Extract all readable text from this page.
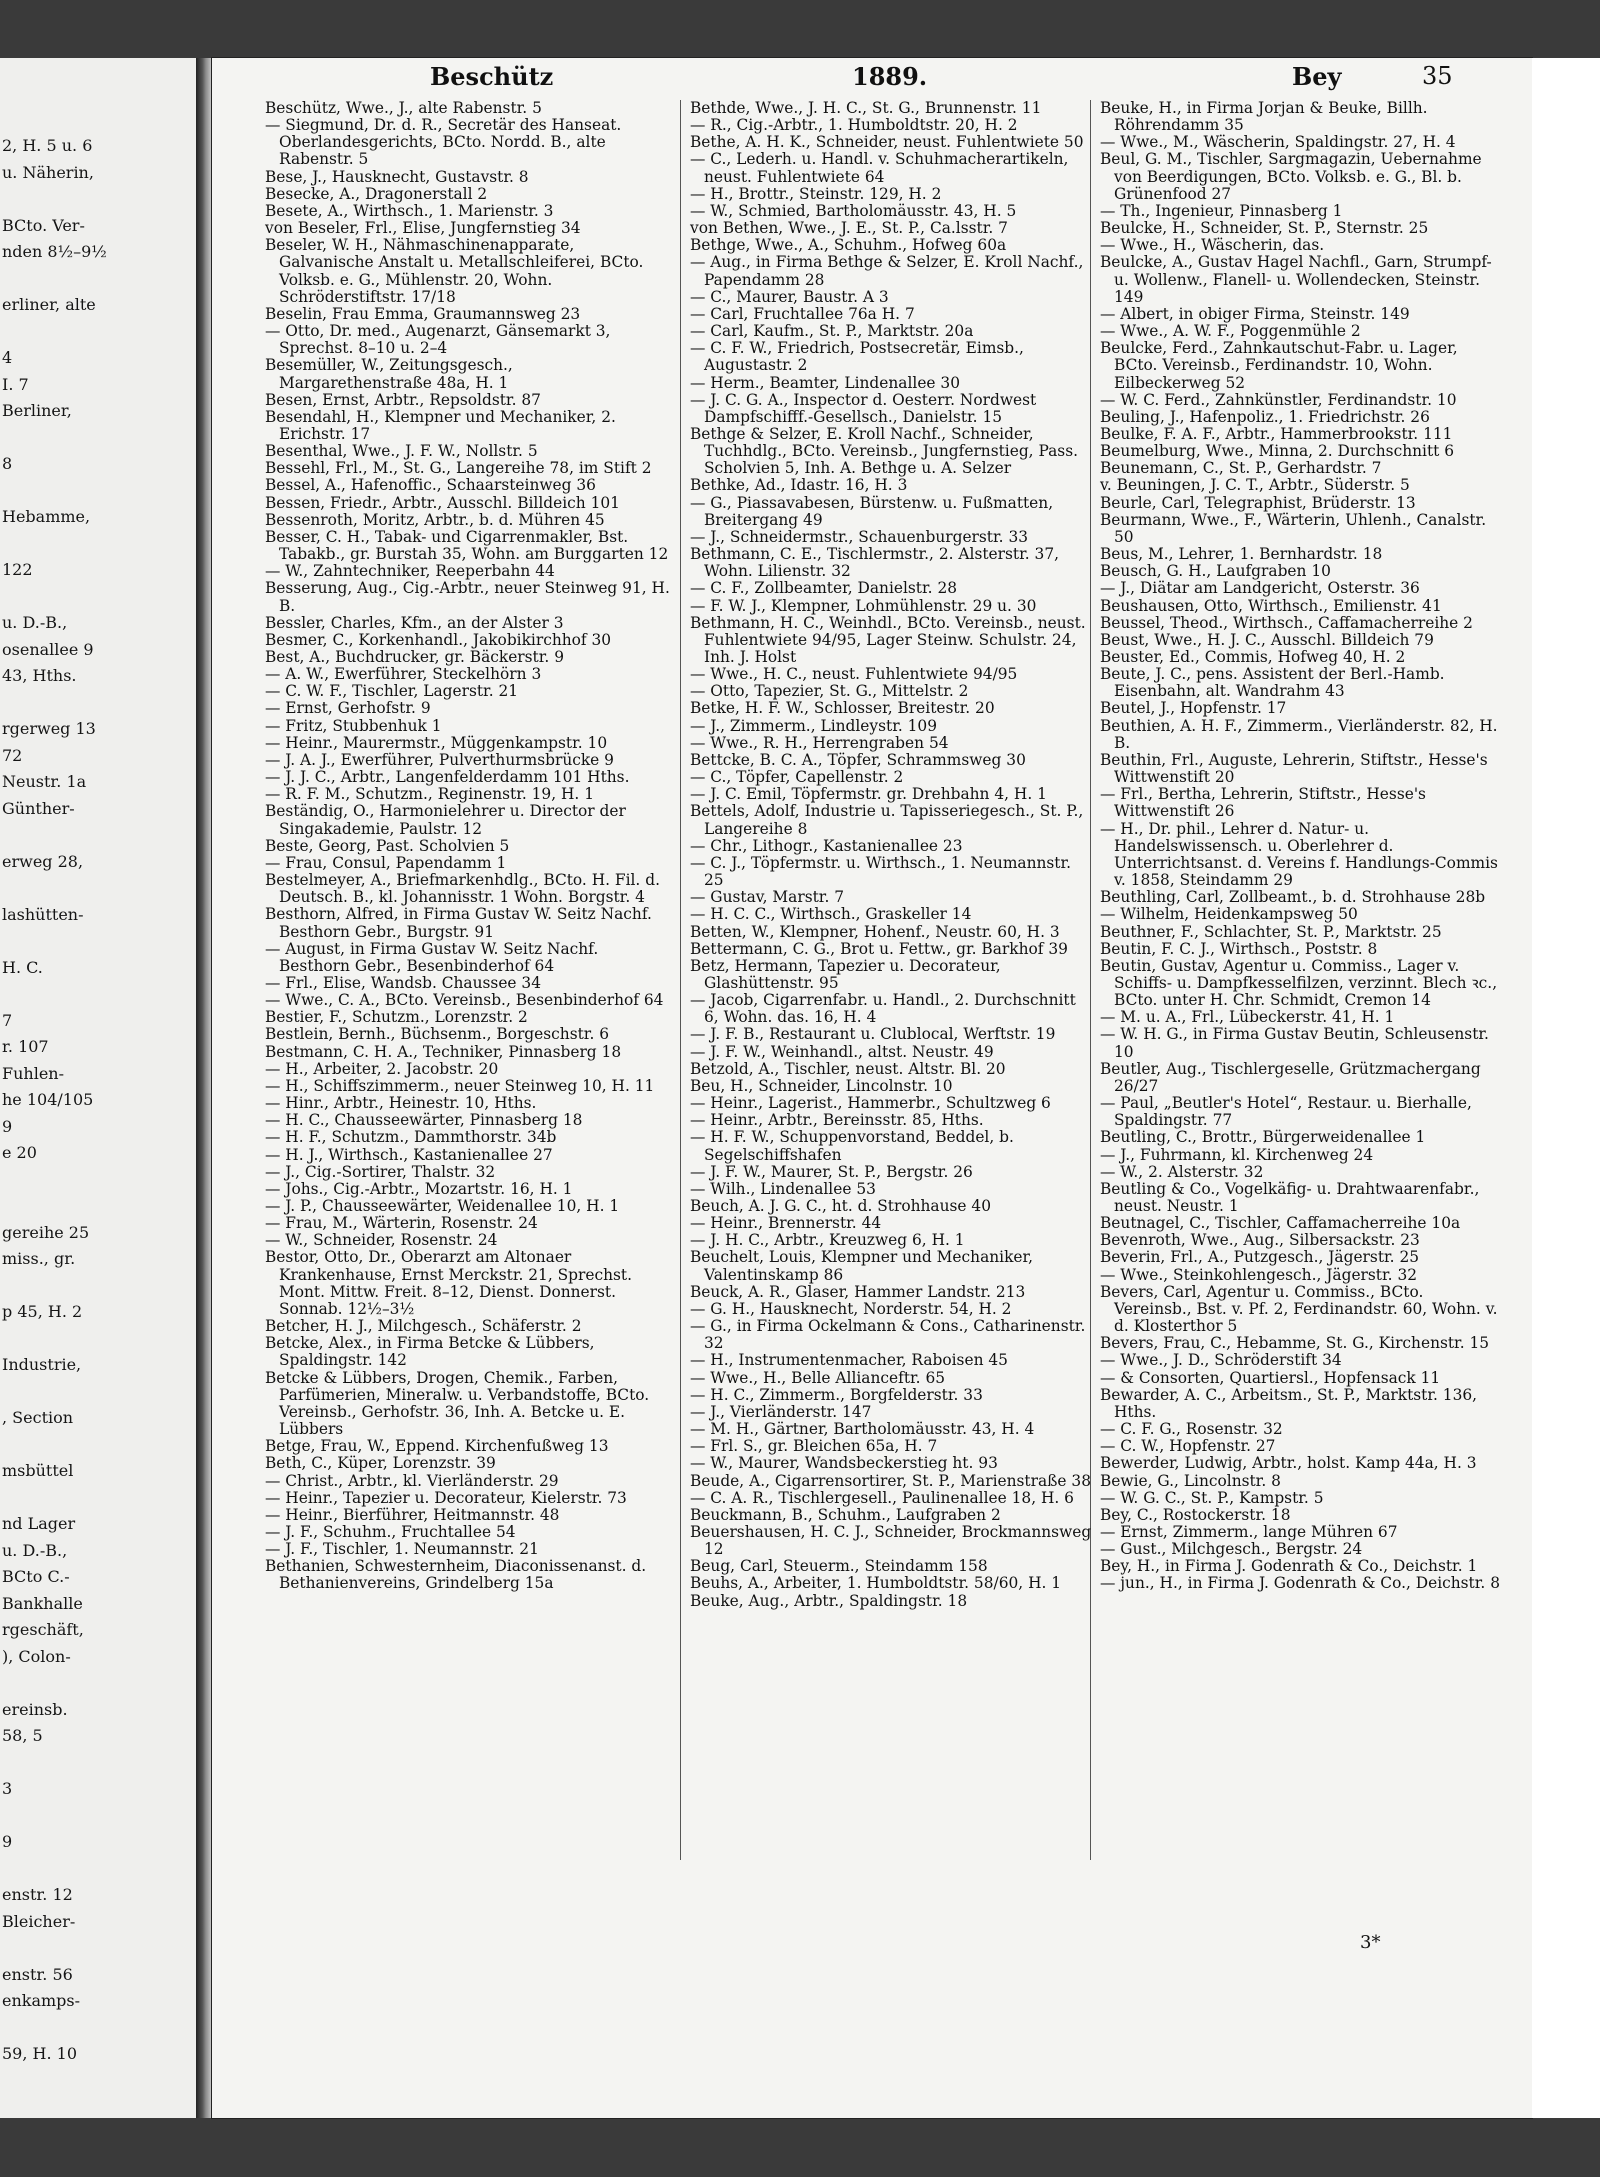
2, H. 5 u. 6
u. Näherin,
BCto. Ver-
nden 8½–9½
erliner, alte
4
I. 7
Berliner,
8
Hebamme,
122
u. D.-B.,
osenallee 9
43, Hths.
rgerweg 13
72
Neustr. 1a
Günther-
erweg 28,
lashütten-
H. C.
7
r. 107
Fuhlen-
he 104/105
9
e 20
gereihe 25
miss., gr.
p 45, H. 2
Industrie,
, Section
msbüttel
nd Lager
u. D.-B.,
BCto C.-
Bankhalle
rgeschäft,
), Colon-
ereinsb.
58, 5
3
9
enstr. 12
Bleicher-
enstr. 56
enkamps-
59, H. 10
Beschütz	1889.	Bey	35
Beschütz, Wwe., J., alte Rabenstr. 5
— Siegmund, Dr. d. R., Secretär des Hanseat. Oberlandesgerichts, BCto. Nordd. B., alte Rabenstr. 5
Bese, J., Hausknecht, Gustavstr. 8
Besecke, A., Dragonerstall 2
Besete, A., Wirthsch., 1. Marienstr. 3
von Beseler, Frl., Elise, Jungfernstieg 34
Beseler, W. H., Nähmaschinenapparate, Galvanische Anstalt u. Metallschleiferei, BCto. Volksb. e. G., Mühlenstr. 20, Wohn. Schröderstiftstr. 17/18
Beselin, Frau Emma, Graumannsweg 23
— Otto, Dr. med., Augenarzt, Gänsemarkt 3, Sprechst. 8–10 u. 2–4
Besemüller, W., Zeitungsgesch., Margarethenstraße 48a, H. 1
Besen, Ernst, Arbtr., Repsoldstr. 87
Besendahl, H., Klempner und Mechaniker, 2. Erichstr. 17
Besenthal, Wwe., J. F. W., Nollstr. 5
Bessehl, Frl., M., St. G., Langereihe 78, im Stift 2
Bessel, A., Hafenoffic., Schaarsteinweg 36
Bessen, Friedr., Arbtr., Ausschl. Billdeich 101
Bessenroth, Moritz, Arbtr., b. d. Mühren 45
Besser, C. H., Tabak- und Cigarrenmakler, Bst. Tabakb., gr. Burstah 35, Wohn. am Burggarten 12
— W., Zahntechniker, Reeperbahn 44
Besserung, Aug., Cig.-Arbtr., neuer Steinweg 91, H. B.
Bessler, Charles, Kfm., an der Alster 3
Besmer, C., Korkenhandl., Jakobikirchhof 30
Best, A., Buchdrucker, gr. Bäckerstr. 9
— A. W., Ewerführer, Steckelhörn 3
— C. W. F., Tischler, Lagerstr. 21
— Ernst, Gerhofstr. 9
— Fritz, Stubbenhuk 1
— Heinr., Maurermstr., Müggenkampstr. 10
— J. A. J., Ewerführer, Pulverthurmsbrücke 9
— J. J. C., Arbtr., Langenfelderdamm 101 Hths.
— R. F. M., Schutzm., Reginenstr. 19, H. 1
Beständig, O., Harmonielehrer u. Director der Singakademie, Paulstr. 12
Beste, Georg, Past. Scholvien 5
— Frau, Consul, Papendamm 1
Bestelmeyer, A., Briefmarkenhdlg., BCto. H. Fil. d. Deutsch. B., kl. Johannisstr. 1 Wohn. Borgstr. 4
Besthorn, Alfred, in Firma Gustav W. Seitz Nachf. Besthorn Gebr., Burgstr. 91
— August, in Firma Gustav W. Seitz Nachf. Besthorn Gebr., Besenbinderhof 64
— Frl., Elise, Wandsb. Chaussee 34
— Wwe., C. A., BCto. Vereinsb., Besenbinderhof 64
Bestier, F., Schutzm., Lorenzstr. 2
Bestlein, Bernh., Büchsenm., Borgeschstr. 6
Bestmann, C. H. A., Techniker, Pinnasberg 18
— H., Arbeiter, 2. Jacobstr. 20
— H., Schiffszimmerm., neuer Steinweg 10, H. 11
— Hinr., Arbtr., Heinestr. 10, Hths.
— H. C., Chausseewärter, Pinnasberg 18
— H. F., Schutzm., Dammthorstr. 34b
— H. J., Wirthsch., Kastanienallee 27
— J., Cig.-Sortirer, Thalstr. 32
— Johs., Cig.-Arbtr., Mozartstr. 16, H. 1
— J. P., Chausseewärter, Weidenallee 10, H. 1
— Frau, M., Wärterin, Rosenstr. 24
— W., Schneider, Rosenstr. 24
Bestor, Otto, Dr., Oberarzt am Altonaer Krankenhause, Ernst Merckstr. 21, Sprechst. Mont. Mittw. Freit. 8–12, Dienst. Donnerst. Sonnab. 12½–3½
Betcher, H. J., Milchgesch., Schäferstr. 2
Betcke, Alex., in Firma Betcke & Lübbers, Spaldingstr. 142
Betcke & Lübbers, Drogen, Chemik., Farben, Parfümerien, Mineralw. u. Verbandstoffe, BCto. Vereinsb., Gerhofstr. 36, Inh. A. Betcke u. E. Lübbers
Betge, Frau, W., Eppend. Kirchenfußweg 13
Beth, C., Küper, Lorenzstr. 39
— Christ., Arbtr., kl. Vierländerstr. 29
— Heinr., Tapezier u. Decorateur, Kielerstr. 73
— Heinr., Bierführer, Heitmannstr. 48
— J. F., Schuhm., Fruchtallee 54
— J. F., Tischler, 1. Neumannstr. 21
Bethanien, Schwesternheim, Diaconissenanst. d. Bethanienvereins, Grindelberg 15a
Bethde, Wwe., J. H. C., St. G., Brunnenstr. 11
— R., Cig.-Arbtr., 1. Humboldtstr. 20, H. 2
Bethe, A. H. K., Schneider, neust. Fuhlentwiete 50
— C., Lederh. u. Handl. v. Schuhmacherartikeln, neust. Fuhlentwiete 64
— H., Brottr., Steinstr. 129, H. 2
— W., Schmied, Bartholomäusstr. 43, H. 5
von Bethen, Wwe., J. E., St. P., Ca.lsstr. 7
Bethge, Wwe., A., Schuhm., Hofweg 60a
— Aug., in Firma Bethge & Selzer, E. Kroll Nachf., Papendamm 28
— C., Maurer, Baustr. A 3
— Carl, Fruchtallee 76a H. 7
— Carl, Kaufm., St. P., Marktstr. 20a
— C. F. W., Friedrich, Postsecretär, Eimsb., Augustastr. 2
— Herm., Beamter, Lindenallee 30
— J. C. G. A., Inspector d. Oesterr. Nordwest Dampfschifff.-Gesellsch., Danielstr. 15
Bethge & Selzer, E. Kroll Nachf., Schneider, Tuchhdlg., BCto. Vereinsb., Jungfernstieg, Pass. Scholvien 5, Inh. A. Bethge u. A. Selzer
Bethke, Ad., Idastr. 16, H. 3
— G., Piassavabesen, Bürstenw. u. Fußmatten, Breitergang 49
— J., Schneidermstr., Schauenburgerstr. 33
Bethmann, C. E., Tischlermstr., 2. Alsterstr. 37, Wohn. Lilienstr. 32
— C. F., Zollbeamter, Danielstr. 28
— F. W. J., Klempner, Lohmühlenstr. 29 u. 30
Bethmann, H. C., Weinhdl., BCto. Vereinsb., neust. Fuhlentwiete 94/95, Lager Steinw. Schulstr. 24, Inh. J. Holst
— Wwe., H. C., neust. Fuhlentwiete 94/95
— Otto, Tapezier, St. G., Mittelstr. 2
Betke, H. F. W., Schlosser, Breitestr. 20
— J., Zimmerm., Lindleystr. 109
— Wwe., R. H., Herrengraben 54
Bettcke, B. C. A., Töpfer, Schrammsweg 30
— C., Töpfer, Capellenstr. 2
— J. C. Emil, Töpfermstr. gr. Drehbahn 4, H. 1
Bettels, Adolf, Industrie u. Tapisseriegesch., St. P., Langereihe 8
— Chr., Lithogr., Kastanienallee 23
— C. J., Töpfermstr. u. Wirthsch., 1. Neumannstr. 25
— Gustav, Marstr. 7
— H. C. C., Wirthsch., Graskeller 14
Betten, W., Klempner, Hohenf., Neustr. 60, H. 3
Bettermann, C. G., Brot u. Fettw., gr. Barkhof 39
Betz, Hermann, Tapezier u. Decorateur, Glashüttenstr. 95
— Jacob, Cigarrenfabr. u. Handl., 2. Durchschnitt 6, Wohn. das. 16, H. 4
— J. F. B., Restaurant u. Clublocal, Werftstr. 19
— J. F. W., Weinhandl., altst. Neustr. 49
Betzold, A., Tischler, neust. Altstr. Bl. 20
Beu, H., Schneider, Lincolnstr. 10
— Heinr., Lagerist., Hammerbr., Schultzweg 6
— Heinr., Arbtr., Bereinsstr. 85, Hths.
— H. F. W., Schuppenvorstand, Beddel, b. Segelschiffshafen
— J. F. W., Maurer, St. P., Bergstr. 26
— Wilh., Lindenallee 53
Beuch, A. J. G. C., ht. d. Strohhause 40
— Heinr., Brennerstr. 44
— J. H. C., Arbtr., Kreuzweg 6, H. 1
Beuchelt, Louis, Klempner und Mechaniker, Valentinskamp 86
Beuck, A. R., Glaser, Hammer Landstr. 213
— G. H., Hausknecht, Norderstr. 54, H. 2
— G., in Firma Ockelmann & Cons., Catharinenstr. 32
— H., Instrumentenmacher, Raboisen 45
— Wwe., H., Belle Allianceftr. 65
— H. C., Zimmerm., Borgfelderstr. 33
— J., Vierländerstr. 147
— M. H., Gärtner, Bartholomäusstr. 43, H. 4
— Frl. S., gr. Bleichen 65a, H. 7
— W., Maurer, Wandsbeckerstieg ht. 93
Beude, A., Cigarrensortirer, St. P., Marienstraße 38
— C. A. R., Tischlergesell., Paulinenallee 18, H. 6
Beuckmann, B., Schuhm., Laufgraben 2
Beuershausen, H. C. J., Schneider, Brockmannsweg 12
Beug, Carl, Steuerm., Steindamm 158
Beuhs, A., Arbeiter, 1. Humboldtstr. 58/60, H. 1
Beuke, Aug., Arbtr., Spaldingstr. 18
Beuke, H., in Firma Jorjan & Beuke, Billh. Röhrendamm 35
— Wwe., M., Wäscherin, Spaldingstr. 27, H. 4
Beul, G. M., Tischler, Sargmagazin, Uebernahme von Beerdigungen, BCto. Volksb. e. G., Bl. b. Grünenfood 27
— Th., Ingenieur, Pinnasberg 1
Beulcke, H., Schneider, St. P., Sternstr. 25
— Wwe., H., Wäscherin, das.
Beulcke, A., Gustav Hagel Nachfl., Garn, Strumpf- u. Wollenw., Flanell- u. Wollendecken, Steinstr. 149
— Albert, in obiger Firma, Steinstr. 149
— Wwe., A. W. F., Poggenmühle 2
Beulcke, Ferd., Zahnkautschut-Fabr. u. Lager, BCto. Vereinsb., Ferdinandstr. 10, Wohn. Eilbeckerweg 52
— W. C. Ferd., Zahnkünstler, Ferdinandstr. 10
Beuling, J., Hafenpoliz., 1. Friedrichstr. 26
Beulke, F. A. F., Arbtr., Hammerbrookstr. 111
Beumelburg, Wwe., Minna, 2. Durchschnitt 6
Beunemann, C., St. P., Gerhardstr. 7
v. Beuningen, J. C. T., Arbtr., Süderstr. 5
Beurle, Carl, Telegraphist, Brüderstr. 13
Beurmann, Wwe., F., Wärterin, Uhlenh., Canalstr. 50
Beus, M., Lehrer, 1. Bernhardstr. 18
Beusch, G. H., Laufgraben 10
— J., Diätar am Landgericht, Osterstr. 36
Beushausen, Otto, Wirthsch., Emilienstr. 41
Beussel, Theod., Wirthsch., Caffamacherreihe 2
Beust, Wwe., H. J. C., Ausschl. Billdeich 79
Beuster, Ed., Commis, Hofweg 40, H. 2
Beute, J. C., pens. Assistent der Berl.-Hamb. Eisenbahn, alt. Wandrahm 43
Beutel, J., Hopfenstr. 17
Beuthien, A. H. F., Zimmerm., Vierländerstr. 82, H. B.
Beuthin, Frl., Auguste, Lehrerin, Stiftstr., Hesse's Wittwenstift 20
— Frl., Bertha, Lehrerin, Stiftstr., Hesse's Wittwenstift 26
— H., Dr. phil., Lehrer d. Natur- u. Handelswissensch. u. Oberlehrer d. Unterrichtsanst. d. Vereins f. Handlungs-Commis v. 1858, Steindamm 29
Beuthling, Carl, Zollbeamt., b. d. Strohhause 28b
— Wilhelm, Heidenkampsweg 50
Beuthner, F., Schlachter, St. P., Marktstr. 25
Beutin, F. C. J., Wirthsch., Poststr. 8
Beutin, Gustav, Agentur u. Commiss., Lager v. Schiffs- u. Dampfkesselfilzen, verzinnt. Blech ꝛc., BCto. unter H. Chr. Schmidt, Cremon 14
— M. u. A., Frl., Lübeckerstr. 41, H. 1
— W. H. G., in Firma Gustav Beutin, Schleusenstr. 10
Beutler, Aug., Tischlergeselle, Grützmachergang 26/27
— Paul, „Beutler's Hotel“, Restaur. u. Bierhalle, Spaldingstr. 77
Beutling, C., Brottr., Bürgerweidenallee 1
— J., Fuhrmann, kl. Kirchenweg 24
— W., 2. Alsterstr. 32
Beutling & Co., Vogelkäfig- u. Drahtwaarenfabr., neust. Neustr. 1
Beutnagel, C., Tischler, Caffamacherreihe 10a
Bevenroth, Wwe., Aug., Silbersackstr. 23
Beverin, Frl., A., Putzgesch., Jägerstr. 25
— Wwe., Steinkohlengesch., Jägerstr. 32
Bevers, Carl, Agentur u. Commiss., BCto. Vereinsb., Bst. v. Pf. 2, Ferdinandstr. 60, Wohn. v. d. Klosterthor 5
Bevers, Frau, C., Hebamme, St. G., Kirchenstr. 15
— Wwe., J. D., Schröderstift 34
— & Consorten, Quartiersl., Hopfensack 11
Bewarder, A. C., Arbeitsm., St. P., Marktstr. 136, Hths.
— C. F. G., Rosenstr. 32
— C. W., Hopfenstr. 27
Bewerder, Ludwig, Arbtr., holst. Kamp 44a, H. 3
Bewie, G., Lincolnstr. 8
— W. G. C., St. P., Kampstr. 5
Bey, C., Rostockerstr. 18
— Ernst, Zimmerm., lange Mühren 67
— Gust., Milchgesch., Bergstr. 24
Bey, H., in Firma J. Godenrath & Co., Deichstr. 1
— jun., H., in Firma J. Godenrath & Co., Deichstr. 8
3*
